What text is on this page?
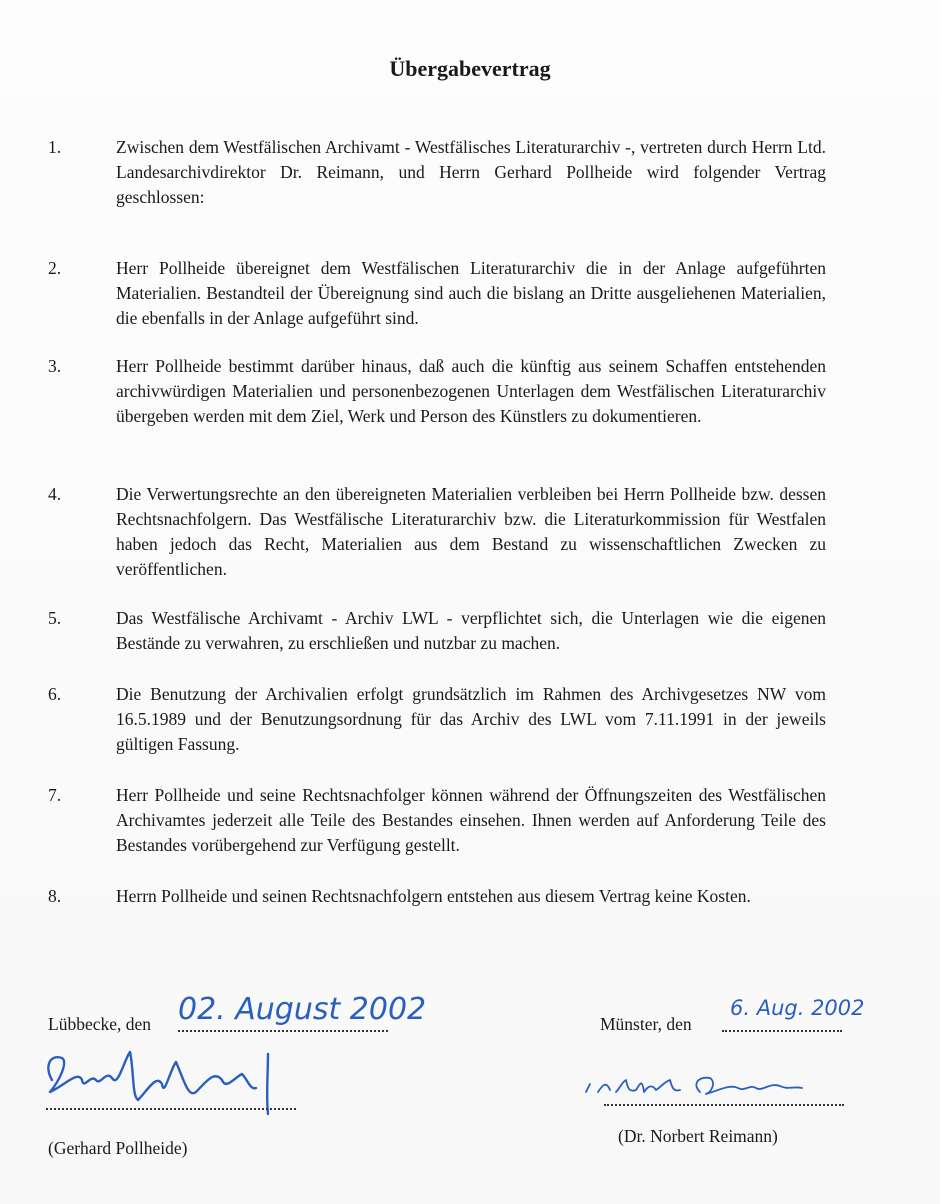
Übergabevertrag
1.	Zwischen dem Westfälischen Archivamt - Westfälisches Literaturarchiv -, vertreten durch Herrn Ltd. Landesarchivdirektor Dr. Reimann, und Herrn Gerhard Pollheide wird folgender Vertrag geschlossen:

2.	Herr Pollheide übereignet dem Westfälischen Literaturarchiv die in der Anlage aufgeführten Materialien. Bestandteil der Übereignung sind auch die bislang an Dritte ausgeliehenen Materialien, die ebenfalls in der Anlage aufgeführt sind.

3.	Herr Pollheide bestimmt darüber hinaus, daß auch die künftig aus seinem Schaffen entstehenden archivwürdigen Materialien und personenbezogenen Unterlagen dem Westfälischen Literaturarchiv übergeben werden mit dem Ziel, Werk und Person des Künstlers zu dokumentieren.

4.	Die Verwertungsrechte an den übereigneten Materialien verbleiben bei Herrn Pollheide bzw. dessen Rechtsnachfolgern. Das Westfälische Literaturarchiv bzw. die Literaturkommission für Westfalen haben jedoch das Recht, Materialien aus dem Bestand zu wissenschaftlichen Zwecken zu veröffentlichen.

5.	Das Westfälische Archivamt - Archiv LWL - verpflichtet sich, die Unterlagen wie die eigenen Bestände zu verwahren, zu erschließen und nutzbar zu machen.

6.	Die Benutzung der Archivalien erfolgt grundsätzlich im Rahmen des Archivgesetzes NW vom 16.5.1989 und der Benutzungsordnung für das Archiv des LWL vom 7.11.1991 in der jeweils gültigen Fassung.

7.	Herr Pollheide und seine Rechtsnachfolger können während der Öffnungszeiten des Westfälischen Archivamtes jederzeit alle Teile des Bestandes einsehen. Ihnen werden auf Anforderung Teile des Bestandes vorübergehend zur Verfügung gestellt.

8.	Herrn Pollheide und seinen Rechtsnachfolgern entstehen aus diesem Vertrag keine Kosten.

Lübbecke, den 02. August 2002
(Gerhard Pollheide)
Münster, den
6. Aug. 2002
(Dr. Norbert Reimann)
